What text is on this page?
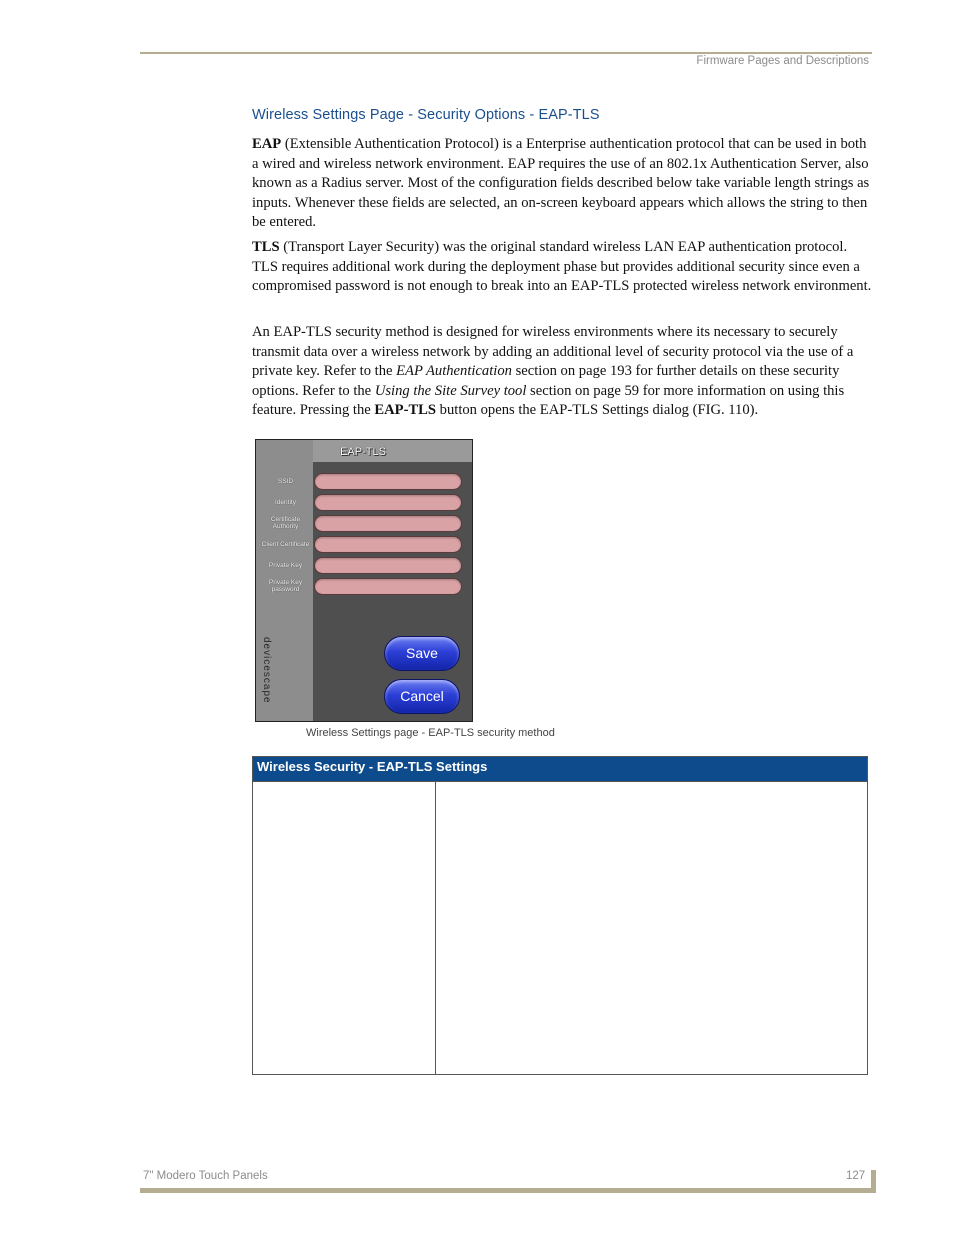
Firmware Pages and Descriptions
Wireless Settings Page - Security Options - EAP-TLS

EAP (Extensible Authentication Protocol) is a Enterprise authentication protocol that can be used in both a wired and wireless network environment. EAP requires the use of an 802.1x Authentication Server, also known as a Radius server. Most of the configuration fields described below take variable length strings as inputs. Whenever these fields are selected, an on-screen keyboard appears which allows the string to then be entered.

TLS (Transport Layer Security) was the original standard wireless LAN EAP authentication protocol. TLS requires additional work during the deployment phase but provides additional security since even a compromised password is not enough to break into an EAP-TLS protected wireless network environment.

An EAP-TLS security method is designed for wireless environments where its necessary to securely transmit data over a wireless network by adding an additional level of security protocol via the use of a private key. Refer to the EAP Authentication section on page 193 for further details on these security options. Refer to the Using the Site Survey tool section on page 59 for more information on using this feature. Pressing the EAP-TLS button opens the EAP-TLS Settings dialog (FIG. 110).

EAP-TLS
SSID
Identity
Certificate Authority
Client Certificate
Private Key
Private Key password
Save
Cancel
devicescape
Wireless Settings page - EAP-TLS security method
Wireless Security - EAP-TLS Settings
7" Modero Touch Panels	127
